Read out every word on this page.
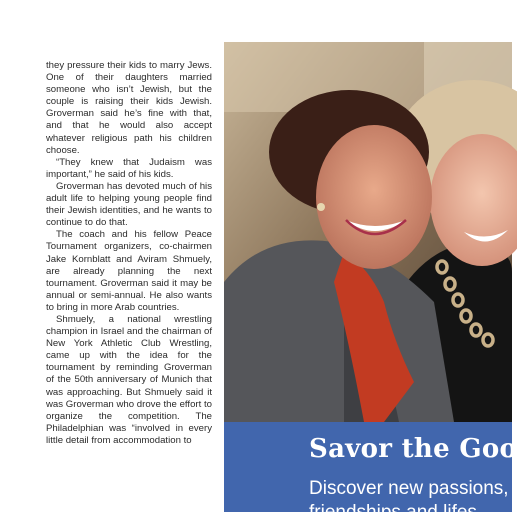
they pressure their kids to marry Jews. One of their daughters married someone who isn’t Jewish, but the couple is raising their kids Jewish. Groverman said he’s fine with that, and that he would also accept whatever religious path his children choose.

“They knew that Judaism was important,” he said of his kids.

Groverman has devoted much of his adult life to helping young people find their Jewish identities, and he wants to continue to do that.

The coach and his fellow Peace Tournament organizers, co-chairmen Jake Kornblatt and Aviram Shmuely, are already planning the next tournament. Groverman said it may be annual or semi-annual. He also wants to bring in more Arab countries.

Shmuely, a national wrestling champion in Israel and the chairman of New York Athletic Club Wrestling, came up with the idea for the tournament by reminding Groverman of the 50th anniversary of Munich that was approaching. But Shmuely said it was Groverman who drove the effort to organize the competition. The Philadelphian was “involved in every little detail from accommodation to	Savor the Goo
Discover new passions,
friendships and lifes
